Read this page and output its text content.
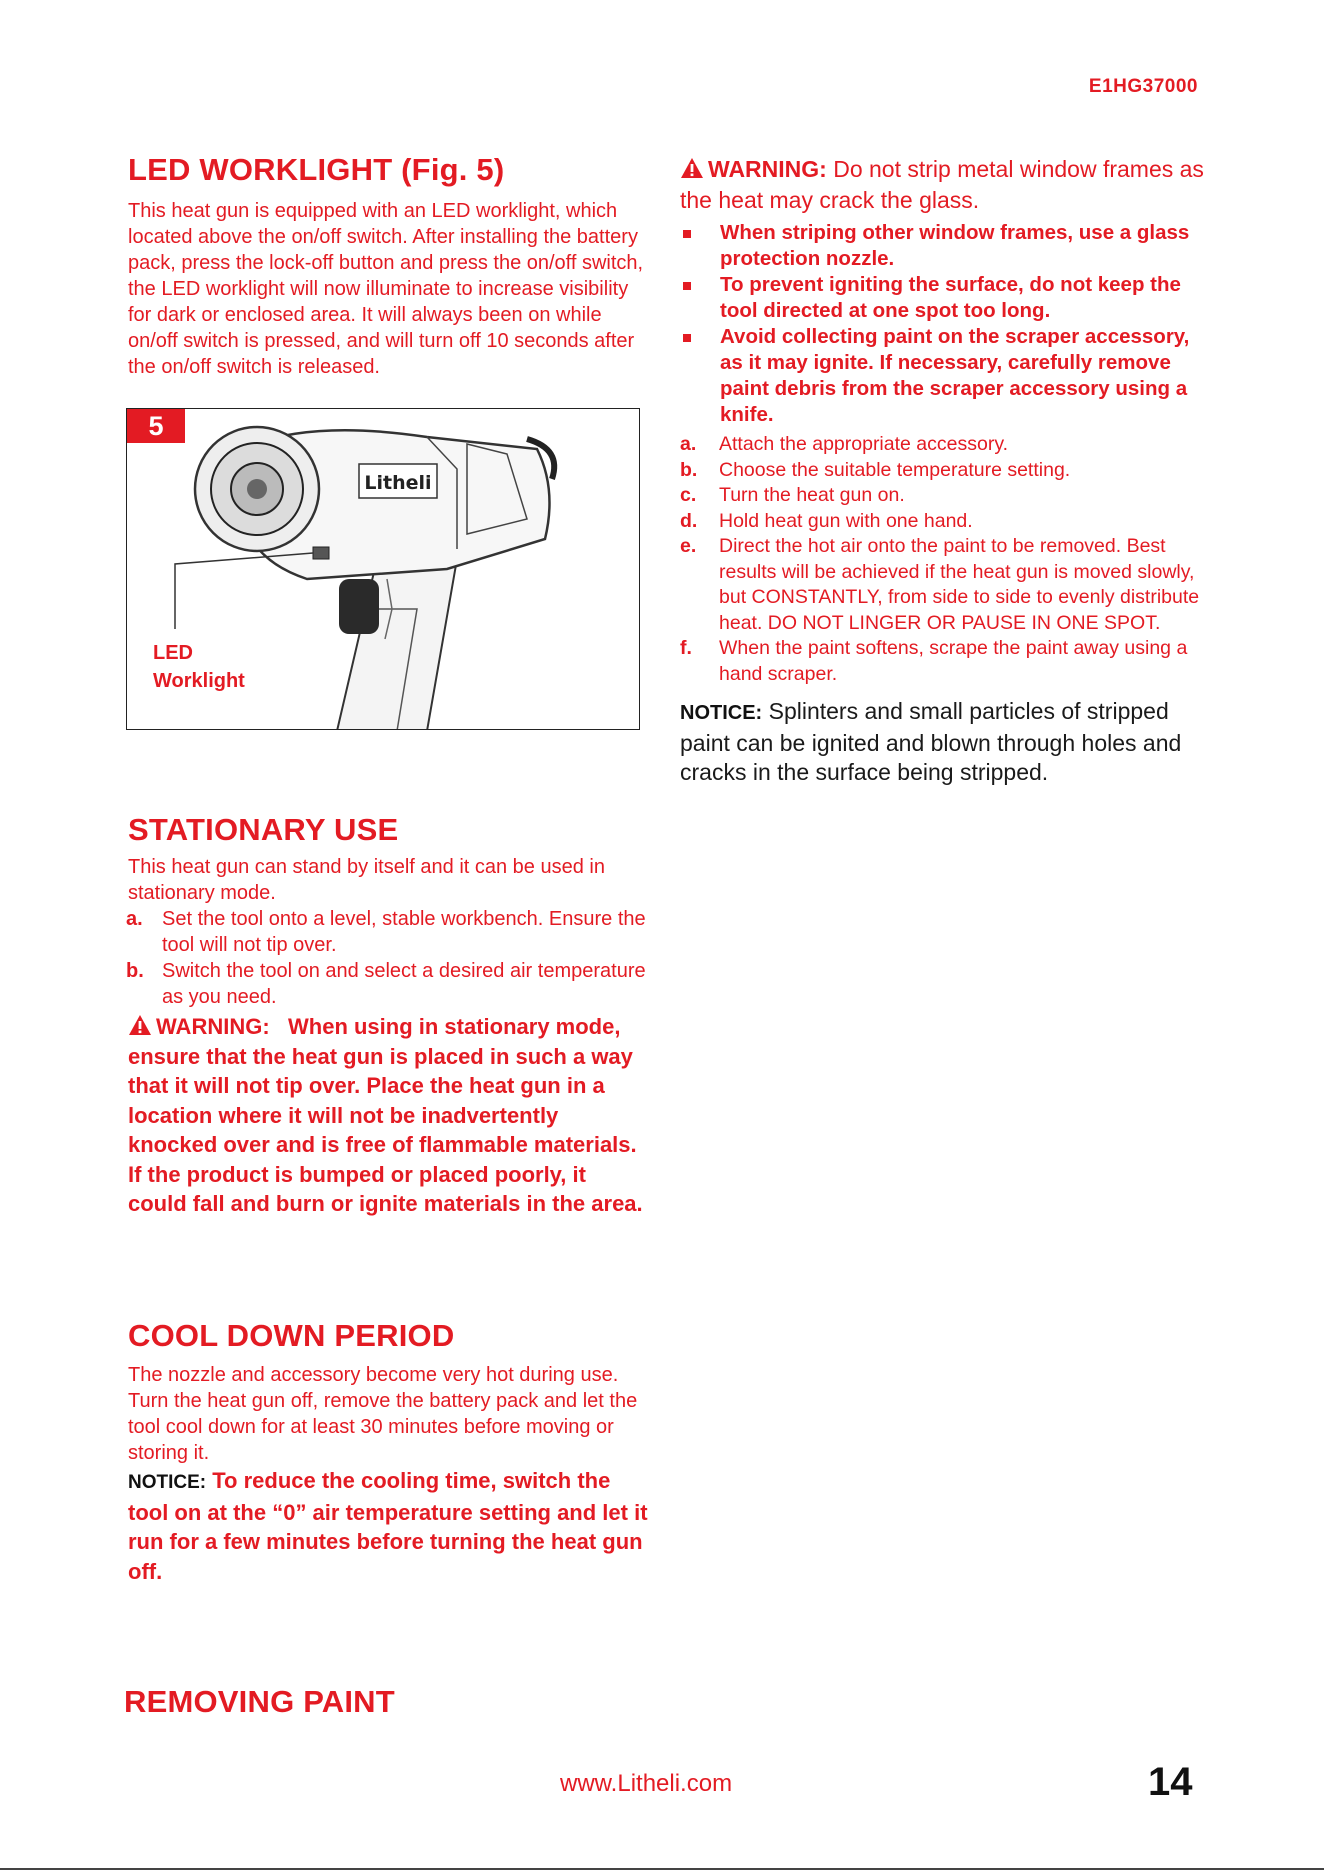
E1HG37000
LED WORKLIGHT (Fig. 5)
This heat gun is equipped with an LED worklight, which located above the on/off switch. After installing the battery pack, press the lock-off button and press the on/off switch, the LED worklight will now illuminate to increase visibility for dark or enclosed area. It will always been on while on/off switch is pressed, and will turn off 10 seconds after the on/off switch is released.
Litheli
5
LED
Worklight
STATIONARY USE
This heat gun can stand by itself and it can be used in stationary mode.
a. Set the tool onto a level, stable workbench. Ensure the tool will not tip over.
b. Switch the tool on and select a desired air temperature as you need.
WARNING: When using in stationary mode, ensure that the heat gun is placed in such a way that it will not tip over. Place the heat gun in a location where it will not be inadvertently knocked over and is free of flammable materials. If the product is bumped or placed poorly, it could fall and burn or ignite materials in the area.
COOL DOWN PERIOD
The nozzle and accessory become very hot during use. Turn the heat gun off, remove the battery pack and let the tool cool down for at least 30 minutes before moving or storing it.
NOTICE: To reduce the cooling time, switch the tool on at the “0” air temperature setting and let it run for a few minutes before turning the heat gun off.
REMOVING PAINT
WARNING: Do not strip metal window frames as the heat may crack the glass.
When striping other window frames, use a glass protection nozzle.
To prevent igniting the surface, do not keep the tool directed at one spot too long.
Avoid collecting paint on the scraper accessory, as it may ignite. If necessary, carefully remove paint debris from the scraper accessory using a knife.
a. Attach the appropriate accessory.
b. Choose the suitable temperature setting.
c. Turn the heat gun on.
d. Hold heat gun with one hand.
e. Direct the hot air onto the paint to be removed. Best results will be achieved if the heat gun is moved slowly, but CONSTANTLY, from side to side to evenly distribute heat. DO NOT LINGER OR PAUSE IN ONE SPOT.
f. When the paint softens, scrape the paint away using a hand scraper.
NOTICE: Splinters and small particles of stripped paint can be ignited and blown through holes and cracks in the surface being stripped.
www.Litheli.com	14
